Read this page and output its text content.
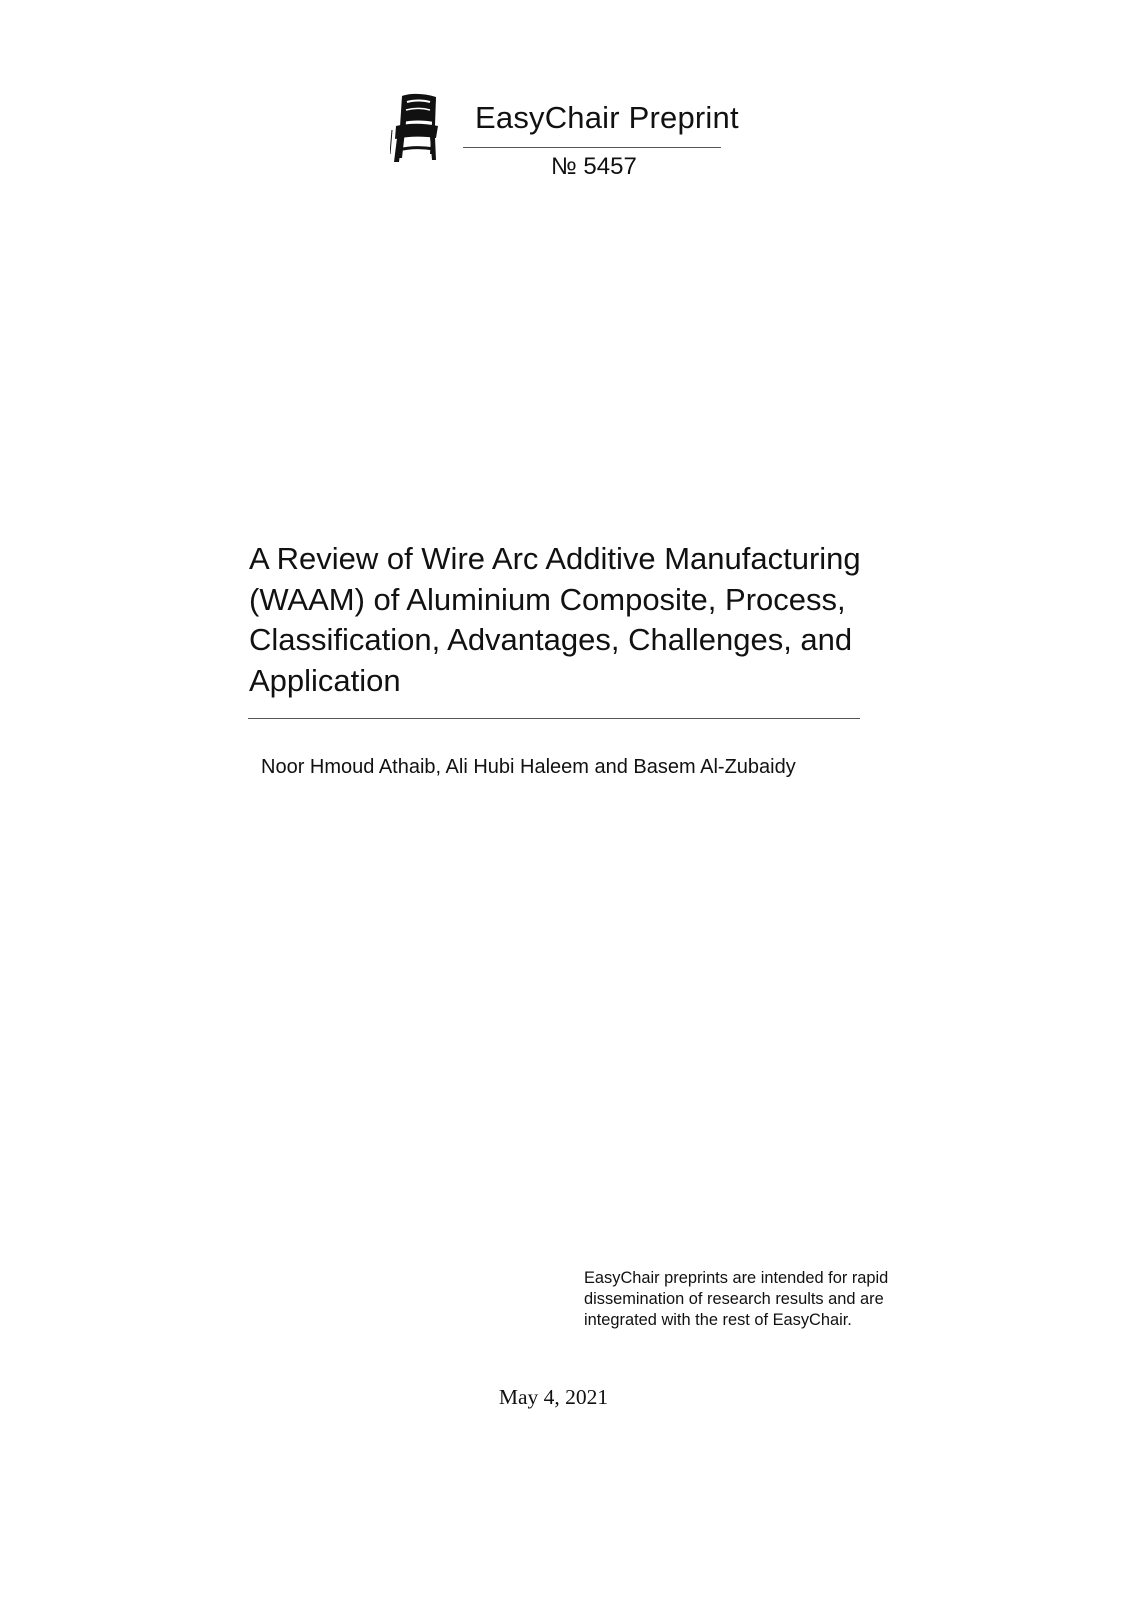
EasyChair Preprint
№ 5457
A Review of Wire Arc Additive Manufacturing (WAAM) of Aluminium Composite, Process, Classification, Advantages, Challenges, and Application
Noor Hmoud Athaib, Ali Hubi Haleem and Basem Al-Zubaidy
EasyChair preprints are intended for rapid
dissemination of research results and are
integrated with the rest of EasyChair.
May 4, 2021
